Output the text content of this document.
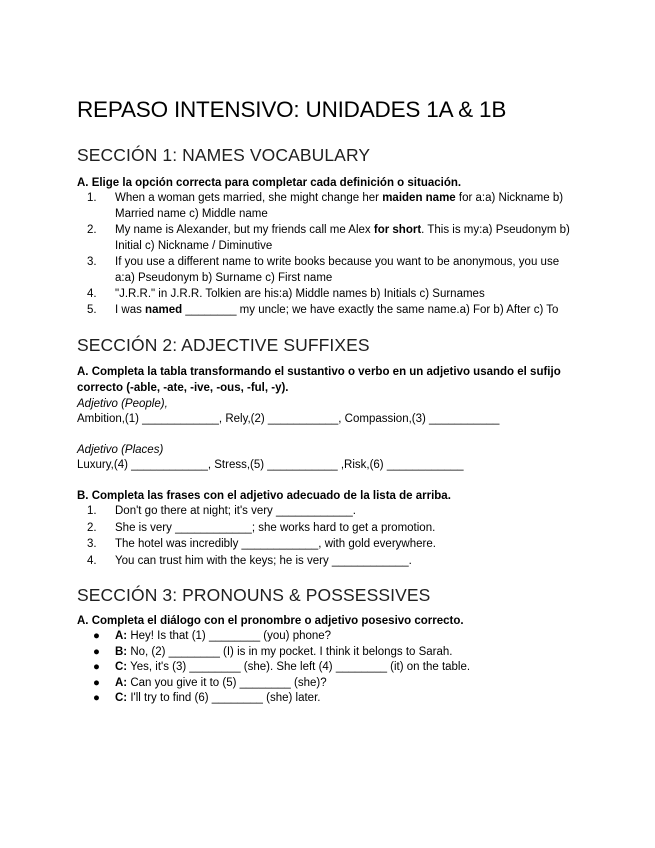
REPASO INTENSIVO: UNIDADES 1A & 1B
SECCIÓN 1: NAMES VOCABULARY

A. Elige la opción correcta para completar cada definición o situación.

1. When a woman gets married, she might change her maiden name for a:a) Nickname b) Married name c) Middle name
2. My name is Alexander, but my friends call me Alex for short. This is my:a) Pseudonym b) Initial c) Nickname / Diminutive
3. If you use a different name to write books because you want to be anonymous, you use a:a) Pseudonym b) Surname c) First name
4. "J.R.R." in J.R.R. Tolkien are his:a) Middle names b) Initials c) Surnames
5. I was named ________ my uncle; we have exactly the same name.a) For b) After c) To
SECCIÓN 2: ADJECTIVE SUFFIXES

A. Completa la tabla transformando el sustantivo o verbo en un adjetivo usando el sufijo correcto (-able, -ate, -ive, -ous, -ful, -y).

Adjetivo (People),

Ambition,(1) ____________, Rely,(2) ___________, Compassion,(3) ___________

Adjetivo (Places)

Luxury,(4) ____________, Stress,(5) ___________ ,Risk,(6) ____________

B. Completa las frases con el adjetivo adecuado de la lista de arriba.

1. Don't go there at night; it's very ____________.
2. She is very ____________; she works hard to get a promotion.
3. The hotel was incredibly ____________, with gold everywhere.
4. You can trust him with the keys; he is very ____________.
SECCIÓN 3: PRONOUNS & POSSESSIVES

A. Completa el diálogo con el pronombre o adjetivo posesivo correcto.

● A: Hey! Is that (1) ________ (you) phone?
● B: No, (2) ________ (I) is in my pocket. I think it belongs to Sarah.
● C: Yes, it's (3) ________ (she). She left (4) ________ (it) on the table.
● A: Can you give it to (5) ________ (she)?
● C: I'll try to find (6) ________ (she) later.
